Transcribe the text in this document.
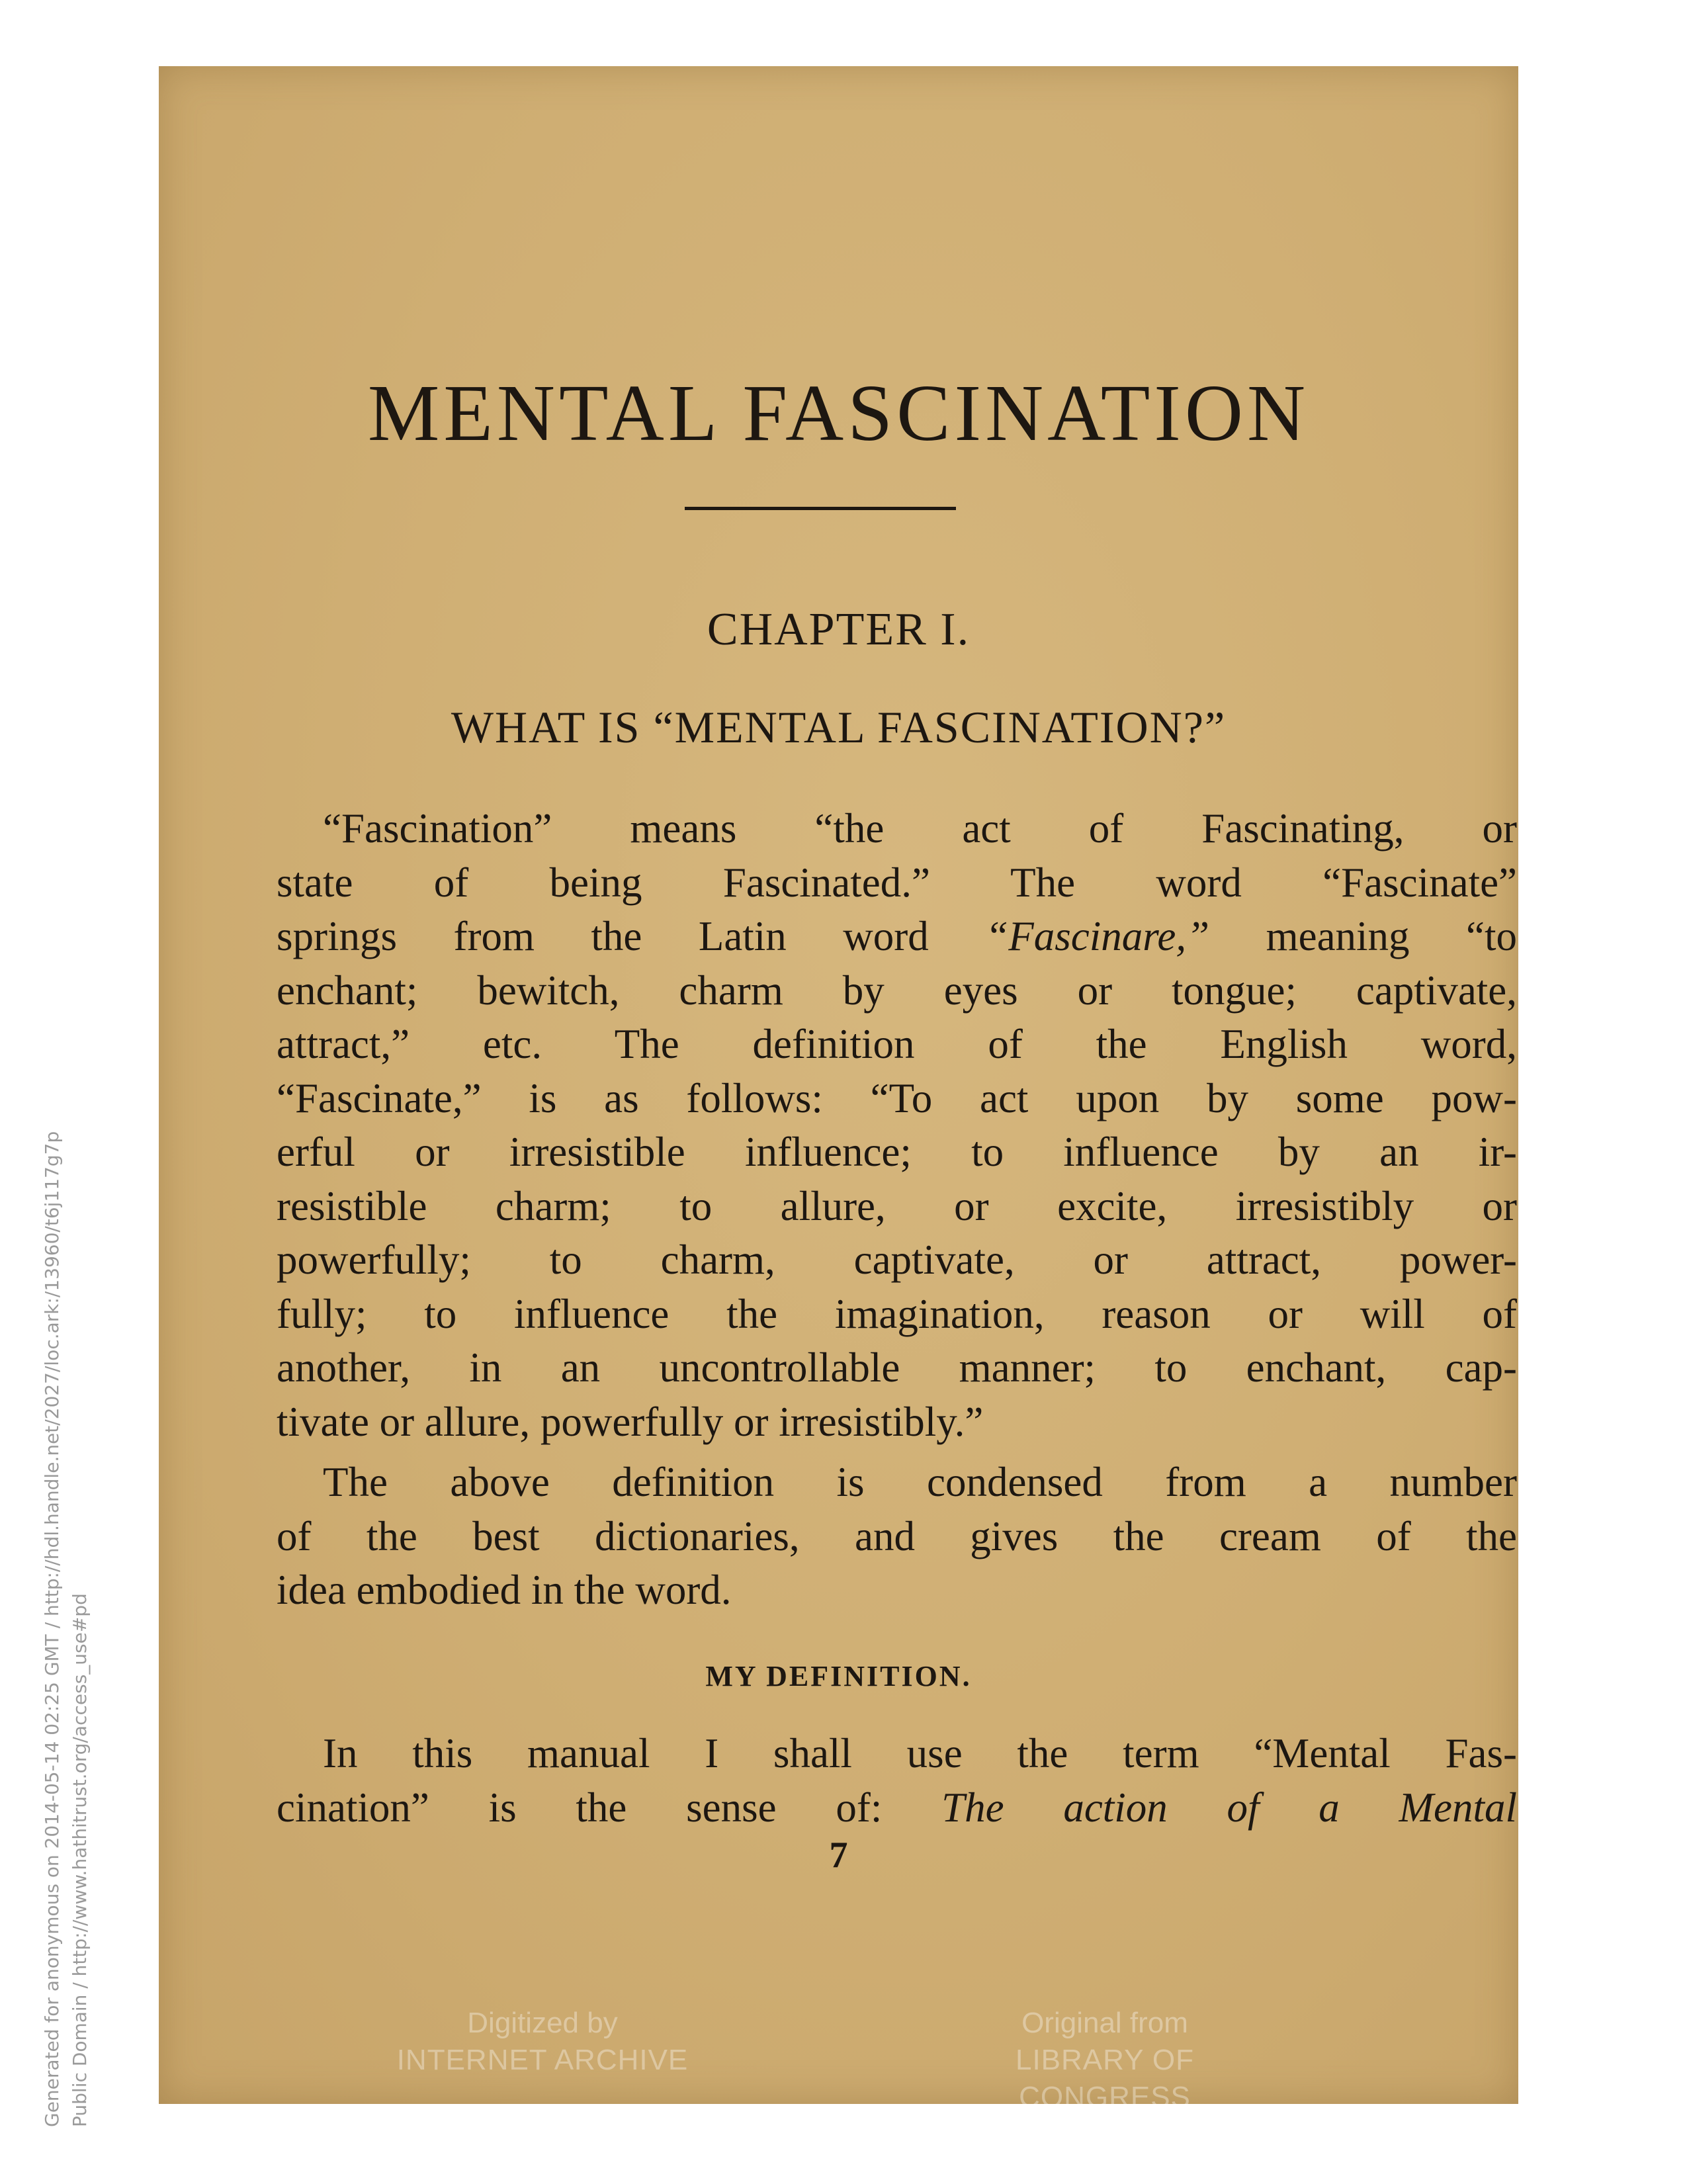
Generated for anonymous on 2014-05-14 02:25 GMT / http://hdl.handle.net/2027/loc.ark:/13960/t6j117g7p Public Domain / http://www.hathitrust.org/access_use#pd
MENTAL FASCINATION
CHAPTER I.
WHAT IS “MENTAL FASCINATION?”
“Fascination” means “the act of Fascinating, or
state of being Fascinated.” The word “Fascinate”
springs from the Latin word “Fascinare,” meaning “to
enchant; bewitch, charm by eyes or tongue; captivate,
attract,” etc. The definition of the English word,
“Fascinate,” is as follows: “To act upon by some pow-
erful or irresistible influence; to influence by an ir-
resistible charm; to allure, or excite, irresistibly or
powerfully; to charm, captivate, or attract, power-
fully; to influence the imagination, reason or will of
another, in an uncontrollable manner; to enchant, cap-
tivate or allure, powerfully or irresistibly.”
The above definition is condensed from a number
of the best dictionaries, and gives the cream of the
idea embodied in the word.
MY DEFINITION.
In this manual I shall use the term “Mental Fas-
cination” is the sense of: The action of a Mental
7
Digitized by
INTERNET ARCHIVE
Original from
LIBRARY OF CONGRESS
